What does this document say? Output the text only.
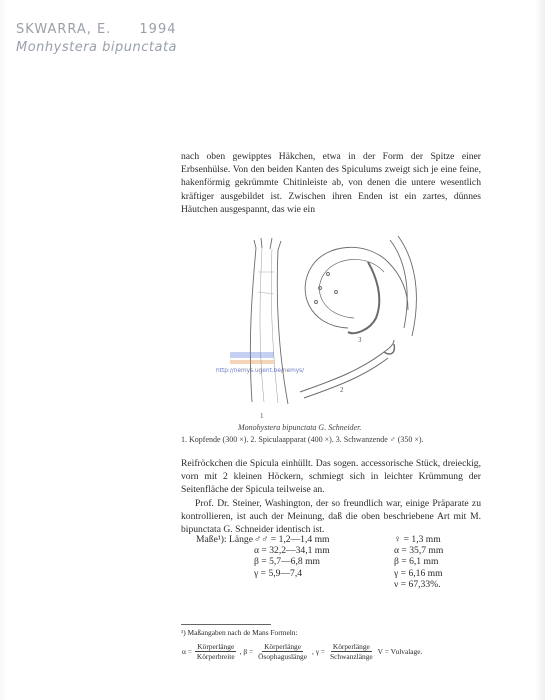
SKWARRA, E. 1994
Monhystera bipunctata
nach oben gewipptes Häkchen, etwa in der Form der Spitze einer Erbsenhülse. Von den beiden Kanten des Spiculums zweigt sich je eine feine, hakenförmig gekrümmte Chitinleiste ab, von denen die untere wesentlich kräftiger ausgebildet ist. Zwischen ihren Enden ist ein zartes, dünnes Häutchen ausgespannt, das wie ein
1
2
3
http://nemys.ugent.be/nemys/
Monohystera bipunctata G. Schneider.
1. Kopfende (300 ×). 2. Spiculaapparat (400 ×). 3. Schwanzende ♂ (350 ×).

Reifröckchen die Spicula einhüllt. Das sogen. accessorische Stück, dreieckig, vorn mit 2 kleinen Höckern, schmiegt sich in leichter Krümmung der Seitenfläche der Spicula teilweise an.

Prof. Dr. Steiner, Washington, der so freundlich war, einige Präparate zu kontrollieren, ist auch der Meinung, daß die oben beschriebene Art mit M. bipunctata G. Schneider identisch ist.

Maße¹): Länge	♂♂ = 1,2—1,4 mm	♀ = 1,3 mm
	α = 32,2—34,1 mm	α = 35,7 mm
	β = 5,7—6,8 mm	β = 6,1 mm
	γ = 5,9—7,4	γ = 6,16 mm
		ν = 67,33%.
¹) Maßangaben nach de Mans Formeln:
$\alpha = \frac{\text{Körperlänge}}{\text{Körperbreite}}$ , $\beta = \frac{\text{Körperlänge}}{\text{Ösophaguslänge}}$ , $\gamma = \frac{\text{Körperlänge}}{\text{Schwanzlänge}}$ V = Vulvalage.
